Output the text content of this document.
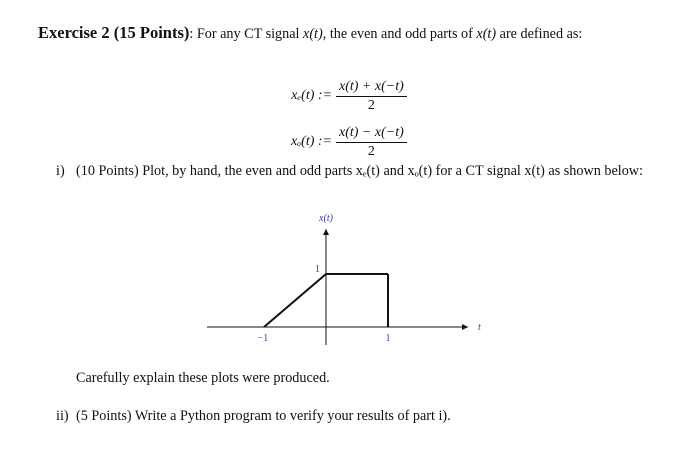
Exercise 2 (15 Points): For any CT signal x(t), the even and odd parts of x(t) are defined as:
xₑ(t) := $\frac{x(t) + x(-t)}{2}$
xₒ(t) := $\frac{x(t) - x(-t)}{2}$
i) (10 Points) Plot, by hand, the even and odd parts xₑ(t) and xₒ(t) for a CT signal x(t) as shown below:
x(t)
t
1
−1	1
Carefully explain these plots were produced.
ii) (5 Points) Write a Python program to verify your results of part i).
